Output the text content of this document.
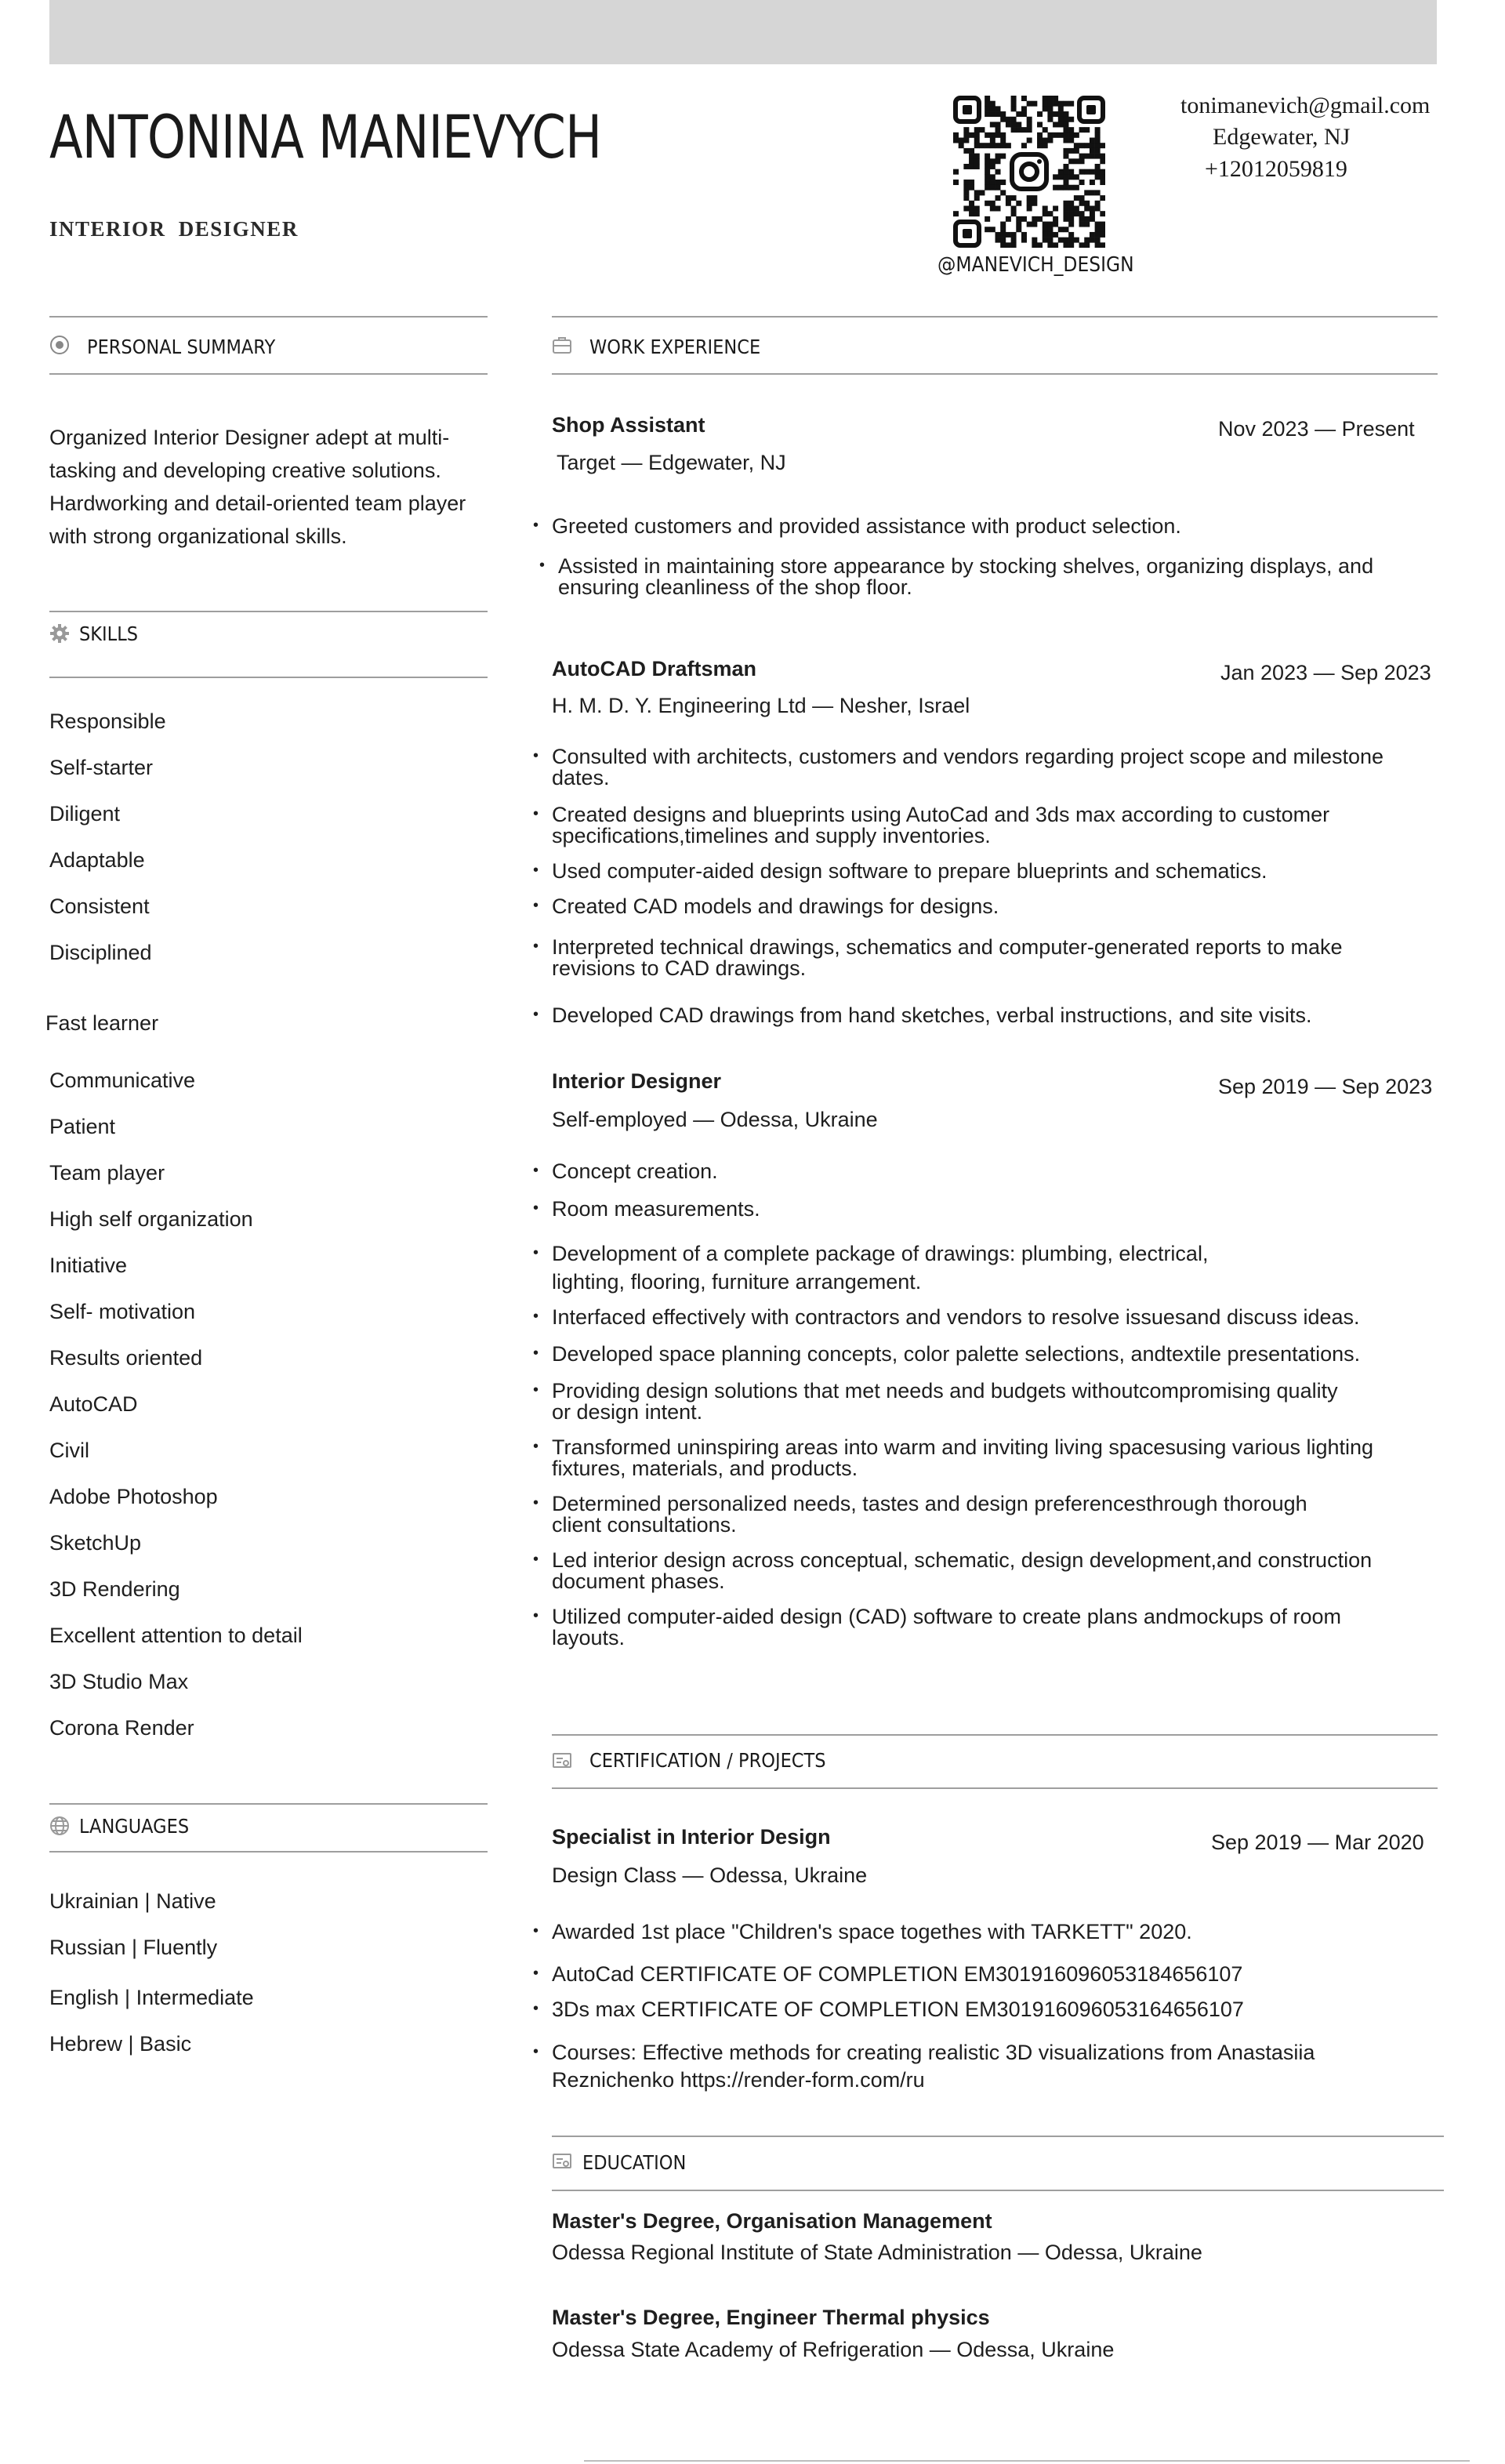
ANTONINA MANIEVYCH
INTERIOR DESIGNER
@MANEVICH_DESIGN
tonimanevich@gmail.com
Edgewater, NJ
+12012059819
PERSONAL SUMMARY
Organized Interior Designer adept at multi-tasking and developing creative solutions. Hardworking and detail-oriented team player with strong organizational skills.
SKILLS
Responsible
Self-starter
Diligent
Adaptable
Consistent
Disciplined
Fast learner
Communicative
Patient
Team player
High self organization
Initiative
Self- motivation
Results oriented
AutoCAD
Civil
Adobe Photoshop
SketchUp
3D Rendering
Excellent attention to detail
3D Studio Max
Corona Render
LANGUAGES
Ukrainian | Native
Russian | Fluently
English | Intermediate
Hebrew | Basic
WORK EXPERIENCE
Shop Assistant	Nov 2023 — Present
Target — Edgewater, NJ
• Greeted customers and provided assistance with product selection.
• Assisted in maintaining store appearance by stocking shelves, organizing displays, and ensuring cleanliness of the shop floor.
AutoCAD Draftsman	Jan 2023 — Sep 2023
H. M. D. Y. Engineering Ltd — Nesher, Israel
• Consulted with architects, customers and vendors regarding project scope and milestone dates.
• Created designs and blueprints using AutoCad and 3ds max according to customer specifications,timelines and supply inventories.
• Used computer-aided design software to prepare blueprints and schematics.
• Created CAD models and drawings for designs.
• Interpreted technical drawings, schematics and computer-generated reports to make revisions to CAD drawings.
• Developed CAD drawings from hand sketches, verbal instructions, and site visits.
Interior Designer	Sep 2019 — Sep 2023
Self-employed — Odessa, Ukraine
• Concept creation.
• Room measurements.
• Development of a complete package of drawings: plumbing, electrical, lighting, flooring, furniture arrangement.
• Interfaced effectively with contractors and vendors to resolve issuesand discuss ideas.
• Developed space planning concepts, color palette selections, andtextile presentations.
• Providing design solutions that met needs and budgets withoutcompromising quality or design intent.
• Transformed uninspiring areas into warm and inviting living spacesusing various lighting fixtures, materials, and products.
• Determined personalized needs, tastes and design preferencesthrough thorough client consultations.
• Led interior design across conceptual, schematic, design development,and construction document phases.
• Utilized computer-aided design (CAD) software to create plans andmockups of room layouts.
CERTIFICATION / PROJECTS
Specialist in Interior Design	Sep 2019 — Mar 2020
Design Class — Odessa, Ukraine
• Awarded 1st place "Children's space togethes with TARKETT" 2020.
• AutoCad CERTIFICATE OF COMPLETION EM30191609605318465​6107
• 3Ds max CERTIFICATE OF COMPLETION EM301916096053164656107
• Courses: Effective methods for creating realistic 3D visualizations from Anastasiia Reznichenko https://render-form.com/ru
EDUCATION
Master's Degree, Organisation Management
Odessa Regional Institute of State Administration — Odessa, Ukraine
Master's Degree, Engineer Thermal physics
Odessa State Academy of Refrigeration — Odessa, Ukraine
